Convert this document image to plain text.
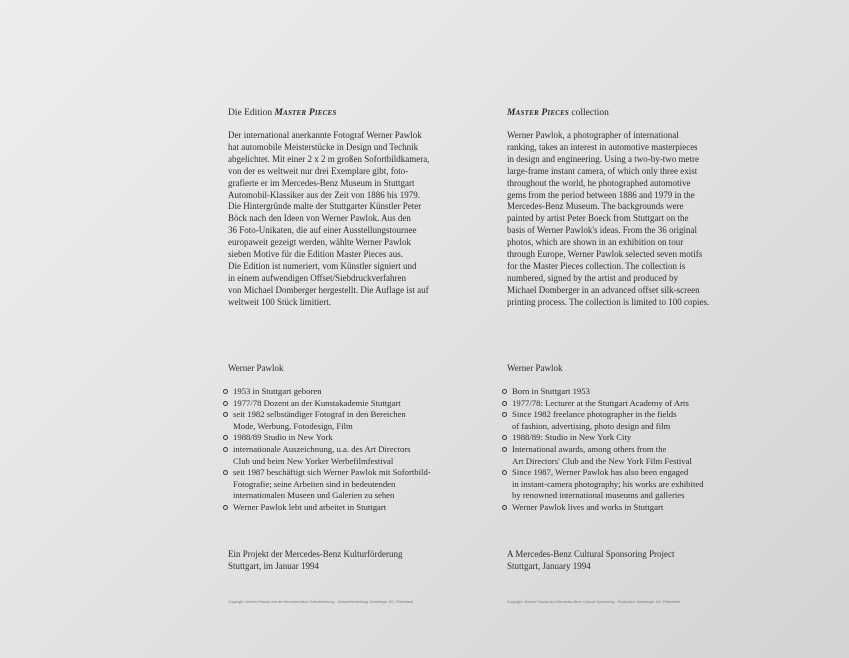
Die Edition Master Pieces

Der international anerkannte Fotograf Werner Pawlok
hat automobile Meisterstücke in Design und Technik
abgelichtet. Mit einer 2 x 2 m großen Sofortbildkamera,
von der es weltweit nur drei Exemplare gibt, foto-
grafierte er im Mercedes-Benz Museum in Stuttgart
Automobil-Klassiker aus der Zeit von 1886 bis 1979.
Die Hintergründe malte der Stuttgarter Künstler Peter
Böck nach den Ideen von Werner Pawlok. Aus den
36 Foto-Unikaten, die auf einer Ausstellungstournee
europaweit gezeigt werden, wählte Werner Pawlok
sieben Motive für die Edition Master Pieces aus.
Die Edition ist numeriert, vom Künstler signiert und
in einem aufwendigen Offset/Siebdruckverfahren
von Michael Domberger hergestellt. Die Auflage ist auf
weltweit 100 Stück limitiert.

Werner Pawlok
1953 in Stuttgart geboren
1977/78 Dozent an der Kunstakademie Stuttgart
seit 1982 selbständiger Fotograf in den Bereichen
Mode, Werbung, Fotodesign, Film
1988/89 Studio in New York
internationale Auszeichnung, u.a. des Art Directors
Club und beim New Yorker Werbefilmfestival
seit 1987 beschäftigt sich Werner Pawlok mit Sofortbild-
Fotografie; seine Arbeiten sind in bedeutenden
internationalen Museen und Galerien zu sehen
Werner Pawlok lebt und arbeitet in Stuttgart
Ein Projekt der Mercedes-Benz Kulturförderung
Stuttgart, im Januar 1994
Copyright: Werner Pawlok und die Mercedes-Benz Kulturförderung · Gesamtherstellung: Domberger KG, Filderstadt
Master Pieces collection

Werner Pawlok, a photographer of international
ranking, takes an interest in automotive masterpieces
in design and engineering. Using a two-by-two metre
large-frame instant camera, of which only three exist
throughout the world, he photographed automotive
gems from the period between 1886 and 1979 in the
Mercedes-Benz Museum. The backgrounds were
painted by artist Peter Boeck from Stuttgart on the
basis of Werner Pawlok's ideas. From the 36 original
photos, which are shown in an exhibition on tour
through Europe, Werner Pawlok selected seven motifs
for the Master Pieces collection. The collection is
numbered, signed by the artist and produced by
Michael Domberger in an advanced offset silk-screen
printing process. The collection is limited to 100 copies.

Werner Pawlok
Born in Stuttgart 1953
1977/78: Lecturer at the Stuttgart Academy of Arts
Since 1982 freelance photographer in the fields
of fashion, advertising, photo design and film
1988/89: Studio in New York City
International awards, among others from the
Art Directors' Club and the New York Film Festival
Since 1987, Werner Pawlok has also been engaged
in instant-camera photography; his works are exhibited
by renowned international museums and galleries
Werner Pawlok lives and works in Stuttgart
A Mercedes-Benz Cultural Sponsoring Project
Stuttgart, January 1994
Copyright: Werner Pawlok and Mercedes-Benz Cultural Sponsoring · Production: Domberger KG, Filderstadt
